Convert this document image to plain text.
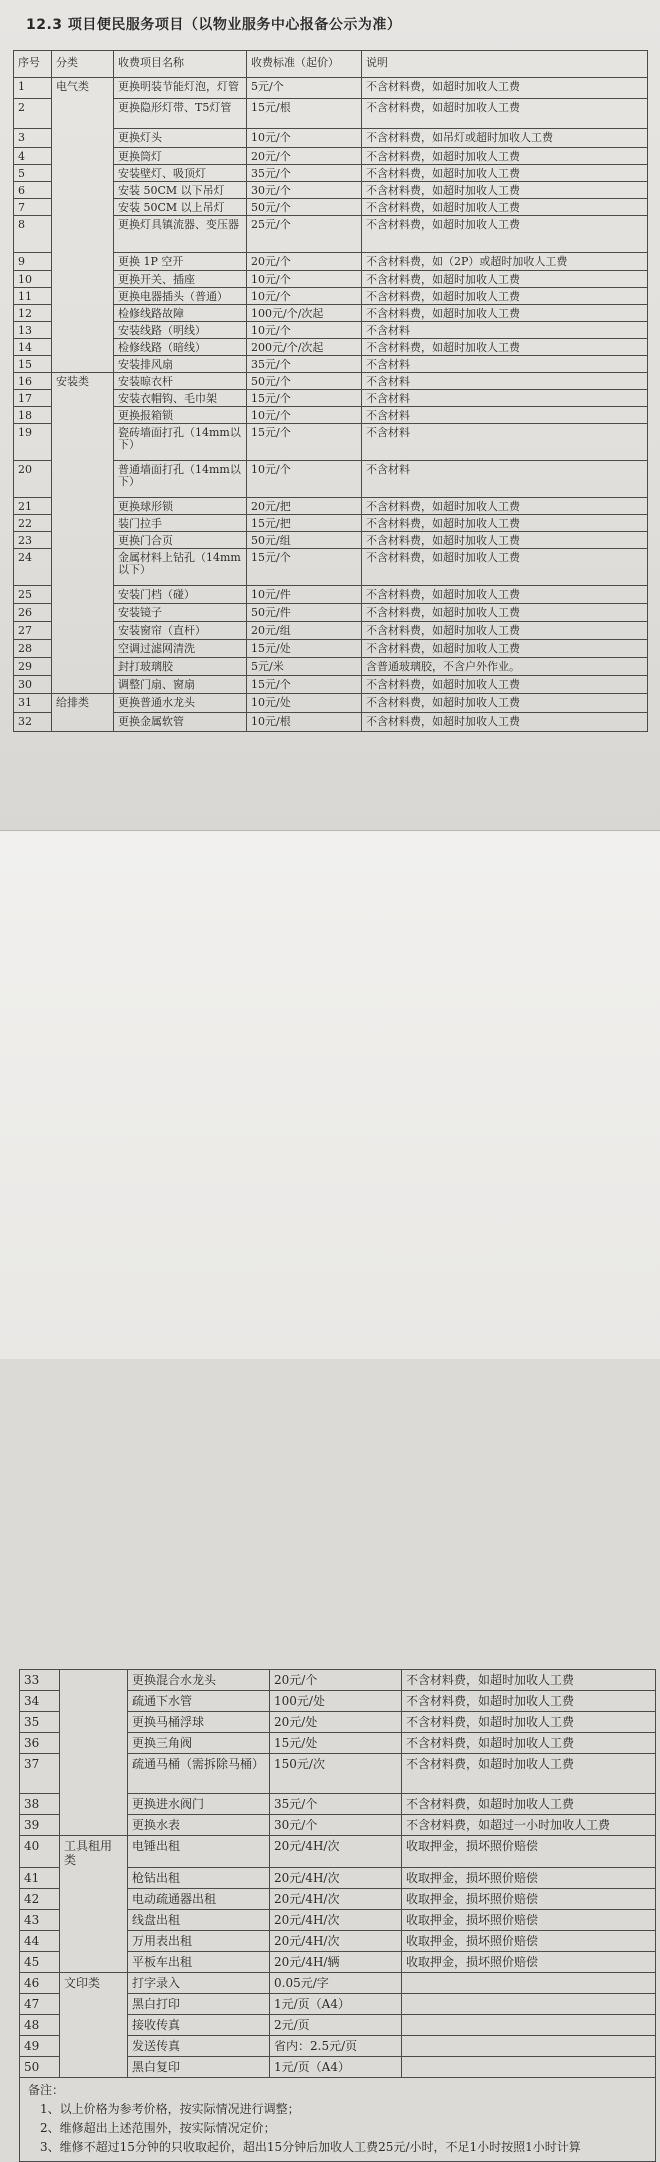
12.3 项目便民服务项目（以物业服务中心报备公示为准）
序号	分类	收费项目名称	收费标准（起价）	说明
1	电气类	更换明装节能灯泡，灯管	5元/个	不含材料费，如超时加收人工费
2		更换隐形灯带、T5灯管	15元/根	不含材料费，如超时加收人工费
3		更换灯头	10元/个	不含材料费，如吊灯或超时加收人工费
4		更换筒灯	20元/个	不含材料费，如超时加收人工费
5		安装壁灯、吸顶灯	35元/个	不含材料费，如超时加收人工费
6		安装 50CM 以下吊灯	30元/个	不含材料费，如超时加收人工费
7		安装 50CM 以上吊灯	50元/个	不含材料费，如超时加收人工费
8		更换灯具镇流器、变压器	25元/个	不含材料费，如超时加收人工费
9		更换 1P 空开	20元/个	不含材料费，如（2P）或超时加收人工费
10		更换开关、插座	10元/个	不含材料费，如超时加收人工费
11		更换电器插头（普通）	10元/个	不含材料费，如超时加收人工费
12		检修线路故障	100元/个/次起	不含材料费，如超时加收人工费
13		安装线路（明线）	10元/个	不含材料
14		检修线路（暗线）	200元/个/次起	不含材料费，如超时加收人工费
15		安装排风扇	35元/个	不含材料
16	安装类	安装晾衣杆	50元/个	不含材料
17		安装衣帽钩、毛巾架	15元/个	不含材料
18		更换报箱锁	10元/个	不含材料
19		瓷砖墙面打孔（14mm以下）	15元/个	不含材料
20		普通墙面打孔（14mm以下）	10元/个	不含材料
21		更换球形锁	20元/把	不含材料费，如超时加收人工费
22		装门拉手	15元/把	不含材料费，如超时加收人工费
23		更换门合页	50元/组	不含材料费，如超时加收人工费
24		金属材料上钻孔（14mm以下）	15元/个	不含材料费，如超时加收人工费
25		安装门档（碰）	10元/件	不含材料费，如超时加收人工费
26		安装镜子	50元/件	不含材料费，如超时加收人工费
27		安装窗帘（直杆）	20元/组	不含材料费，如超时加收人工费
28		空调过滤网清洗	15元/处	不含材料费，如超时加收人工费
29		封打玻璃胶	5元/米	含普通玻璃胶，不含户外作业。
30		调整门扇、窗扇	15元/个	不含材料费，如超时加收人工费
31	给排类	更换普通水龙头	10元/处	不含材料费，如超时加收人工费
32		更换金属软管	10元/根	不含材料费，如超时加收人工费
33		更换混合水龙头	20元/个	不含材料费，如超时加收人工费
34		疏通下水管	100元/处	不含材料费，如超时加收人工费
35		更换马桶浮球	20元/处	不含材料费，如超时加收人工费
36		更换三角阀	15元/处	不含材料费，如超时加收人工费
37		疏通马桶（需拆除马桶）	150元/次	不含材料费，如超时加收人工费
38		更换进水阀门	35元/个	不含材料费，如超时加收人工费
39		更换水表	30元/个	不含材料费，如超过一小时加收人工费
40	工具租用类	电锤出租	20元/4H/次	收取押金，损坏照价赔偿
41		枪钻出租	20元/4H/次	收取押金，损坏照价赔偿
42		电动疏通器出租	20元/4H/次	收取押金，损坏照价赔偿
43		线盘出租	20元/4H/次	收取押金，损坏照价赔偿
44		万用表出租	20元/4H/次	收取押金，损坏照价赔偿
45		平板车出租	20元/4H/辆	收取押金，损坏照价赔偿
46	文印类	打字录入	0.05元/字	
47		黑白打印	1元/页（A4）	
48		接收传真	2元/页	
49		发送传真	省内：2.5元/页	
50		黑白复印	1元/页（A4）	

备注：
1、以上价格为参考价格，按实际情况进行调整；
2、维修超出上述范围外，按实际情况定价；
3、维修不超过15分钟的只收取起价，超出15分钟后加收人工费25元/小时，不足1小时按照1小时计算				
